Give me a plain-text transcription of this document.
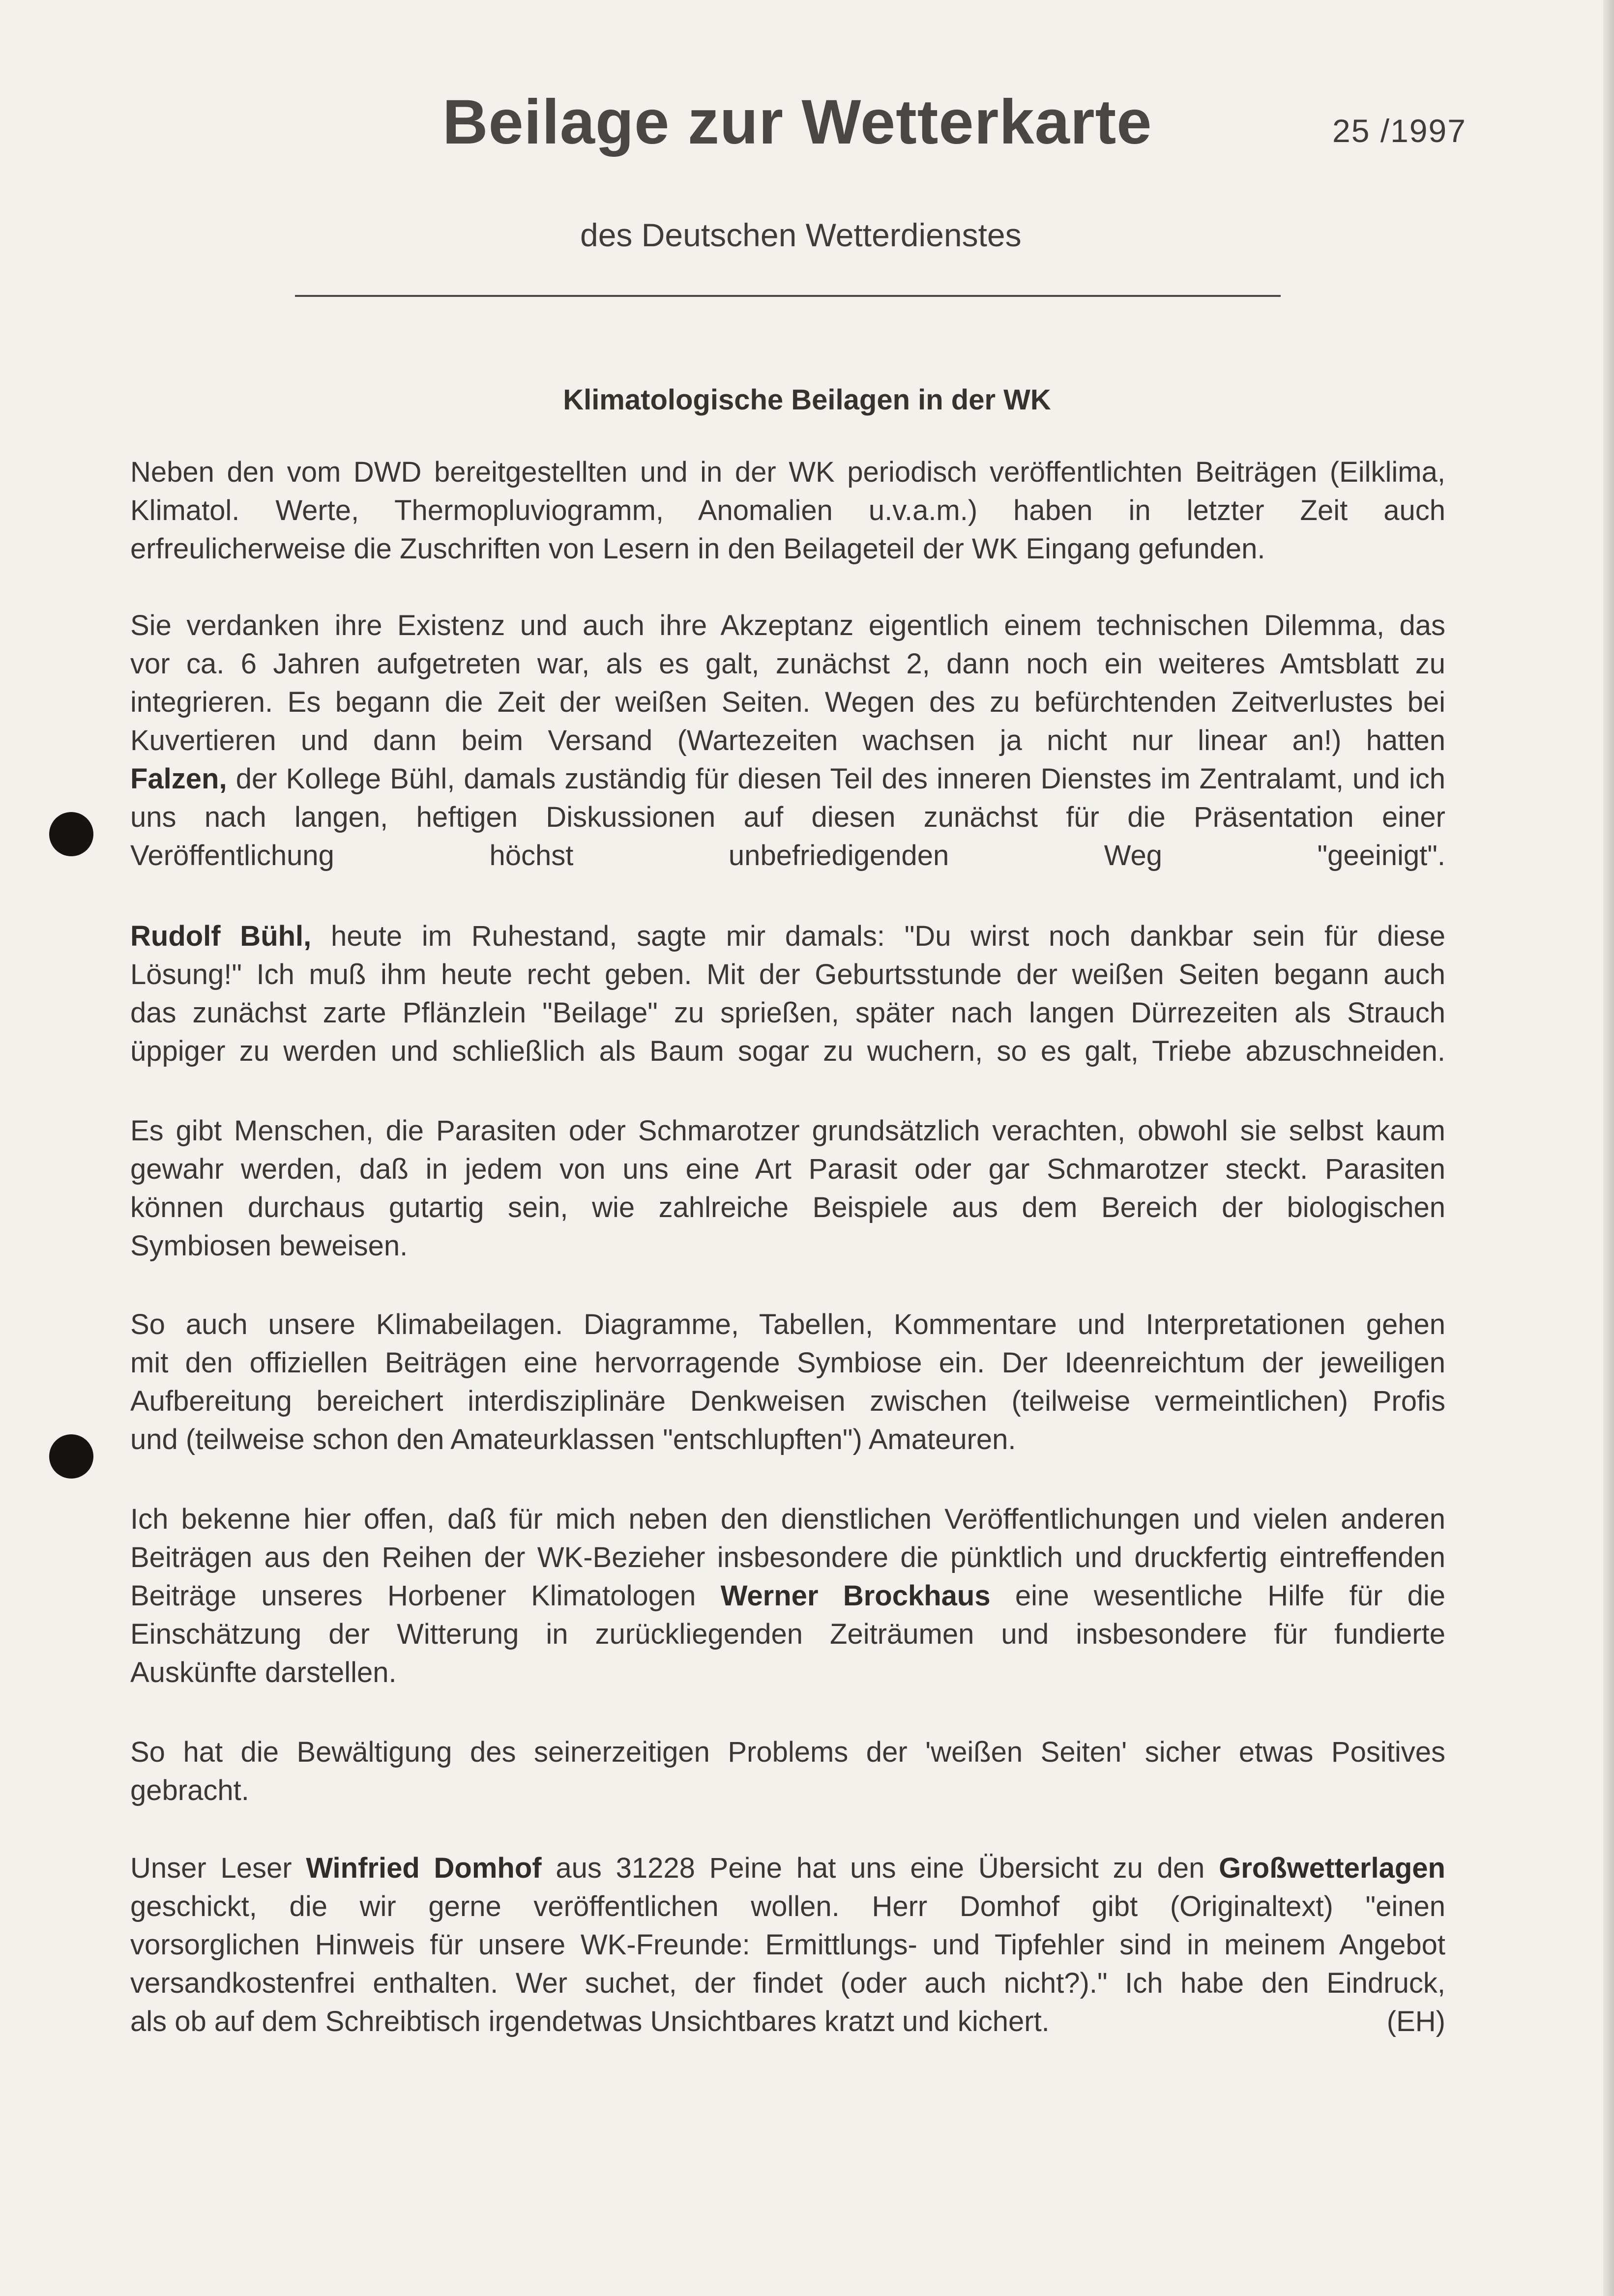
Beilage zur Wetterkarte	25 /1997
des Deutschen Wetterdienstes
Klimatologische Beilagen in der WK
Neben den vom DWD bereitgestellten und in der WK periodisch veröffentlichten Beiträgen (Eilklima,
Klimatol. Werte, Thermopluviogramm, Anomalien u.v.a.m.) haben in letzter Zeit auch
erfreulicherweise die Zuschriften von Lesern in den Beilageteil der WK Eingang gefunden.
Sie verdanken ihre Existenz und auch ihre Akzeptanz eigentlich einem technischen Dilemma, das
vor ca. 6 Jahren aufgetreten war, als es galt, zunächst 2, dann noch ein weiteres Amtsblatt zu
integrieren. Es begann die Zeit der weißen Seiten. Wegen des zu befürchtenden Zeitverlustes bei
Kuvertieren und dann beim Versand (Wartezeiten wachsen ja nicht nur linear an!) hatten
Falzen, der Kollege Bühl, damals zuständig für diesen Teil des inneren Dienstes im Zentralamt, und ich
uns nach langen, heftigen Diskussionen auf diesen zunächst für die Präsentation einer
Veröffentlichung höchst unbefriedigenden Weg "geeinigt".
Rudolf Bühl, heute im Ruhestand, sagte mir damals: "Du wirst noch dankbar sein für diese
Lösung!" Ich muß ihm heute recht geben. Mit der Geburtsstunde der weißen Seiten begann auch
das zunächst zarte Pflänzlein "Beilage" zu sprießen, später nach langen Dürrezeiten als Strauch
üppiger zu werden und schließlich als Baum sogar zu wuchern, so es galt, Triebe abzuschneiden.
Es gibt Menschen, die Parasiten oder Schmarotzer grundsätzlich verachten, obwohl sie selbst kaum
gewahr werden, daß in jedem von uns eine Art Parasit oder gar Schmarotzer steckt. Parasiten
können durchaus gutartig sein, wie zahlreiche Beispiele aus dem Bereich der biologischen
Symbiosen beweisen.
So auch unsere Klimabeilagen. Diagramme, Tabellen, Kommentare und Interpretationen gehen
mit den offiziellen Beiträgen eine hervorragende Symbiose ein. Der Ideenreichtum der jeweiligen
Aufbereitung bereichert interdisziplinäre Denkweisen zwischen (teilweise vermeintlichen) Profis
und (teilweise schon den Amateurklassen "entschlupften") Amateuren.
Ich bekenne hier offen, daß für mich neben den dienstlichen Veröffentlichungen und vielen anderen
Beiträgen aus den Reihen der WK-Bezieher insbesondere die pünktlich und druckfertig eintreffenden
Beiträge unseres Horbener Klimatologen Werner Brockhaus eine wesentliche Hilfe für die
Einschätzung der Witterung in zurückliegenden Zeiträumen und insbesondere für fundierte
Auskünfte darstellen.
So hat die Bewältigung des seinerzeitigen Problems der 'weißen Seiten' sicher etwas Positives
gebracht.
Unser Leser Winfried Domhof aus 31228 Peine hat uns eine Übersicht zu den Großwetterlagen
geschickt, die wir gerne veröffentlichen wollen. Herr Domhof gibt (Originaltext) "einen
vorsorglichen Hinweis für unsere WK-Freunde: Ermittlungs- und Tipfehler sind in meinem Angebot
versandkostenfrei enthalten. Wer suchet, der findet (oder auch nicht?)." Ich habe den Eindruck,
als ob auf dem Schreibtisch irgendetwas Unsichtbares kratzt und kichert.	(EH)
